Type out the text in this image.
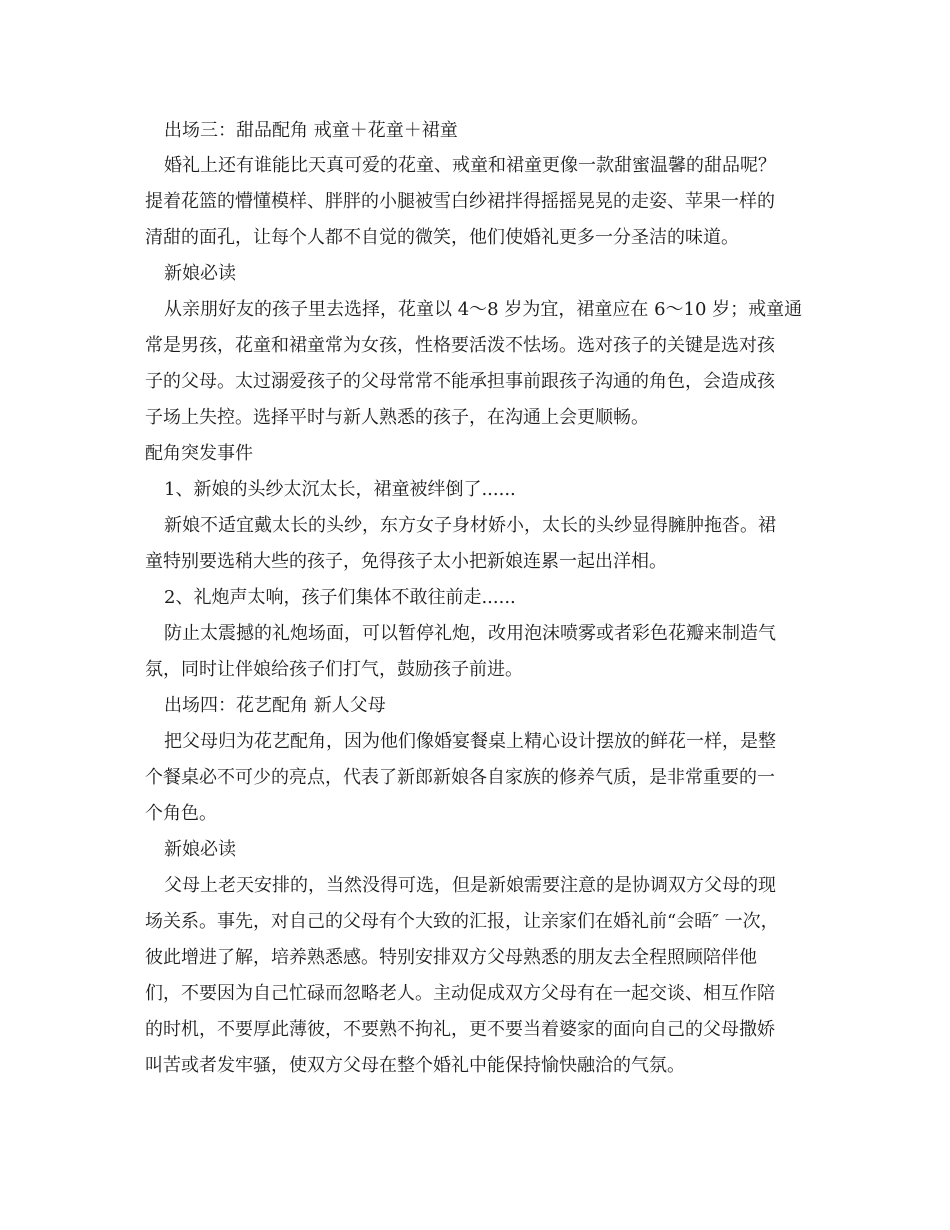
出场三：甜品配角 戒童＋花童＋裙童
婚礼上还有谁能比天真可爱的花童、戒童和裙童更像一款甜蜜温馨的甜品呢？
提着花篮的懵懂模样、胖胖的小腿被雪白纱裙拌得摇摇晃晃的走姿、苹果一样的
清甜的面孔，让每个人都不自觉的微笑，他们使婚礼更多一分圣洁的味道。
新娘必读
从亲朋好友的孩子里去选择，花童以 4～8 岁为宜，裙童应在 6～10 岁；戒童通
常是男孩，花童和裙童常为女孩，性格要活泼不怯场。选对孩子的关键是选对孩
子的父母。太过溺爱孩子的父母常常不能承担事前跟孩子沟通的角色，会造成孩
子场上失控。选择平时与新人熟悉的孩子，在沟通上会更顺畅。
配角突发事件
1、新娘的头纱太沉太长，裙童被绊倒了......
新娘不适宜戴太长的头纱，东方女子身材娇小，太长的头纱显得臃肿拖沓。裙
童特别要选稍大些的孩子，免得孩子太小把新娘连累一起出洋相。
2、礼炮声太响，孩子们集体不敢往前走......
防止太震撼的礼炮场面，可以暂停礼炮，改用泡沫喷雾或者彩色花瓣来制造气
氛，同时让伴娘给孩子们打气，鼓励孩子前进。
出场四：花艺配角 新人父母
把父母归为花艺配角，因为他们像婚宴餐桌上精心设计摆放的鲜花一样，是整
个餐桌必不可少的亮点，代表了新郎新娘各自家族的修养气质，是非常重要的一
个角色。
新娘必读
父母上老天安排的，当然没得可选，但是新娘需要注意的是协调双方父母的现
场关系。事先，对自己的父母有个大致的汇报，让亲家们在婚礼前“会晤″ 一次，
彼此增进了解，培养熟悉感。特别安排双方父母熟悉的朋友去全程照顾陪伴他
们，不要因为自己忙碌而忽略老人。主动促成双方父母有在一起交谈、相互作陪
的时机，不要厚此薄彼，不要熟不拘礼，更不要当着婆家的面向自己的父母撒娇
叫苦或者发牢骚，使双方父母在整个婚礼中能保持愉快融洽的气氛。
